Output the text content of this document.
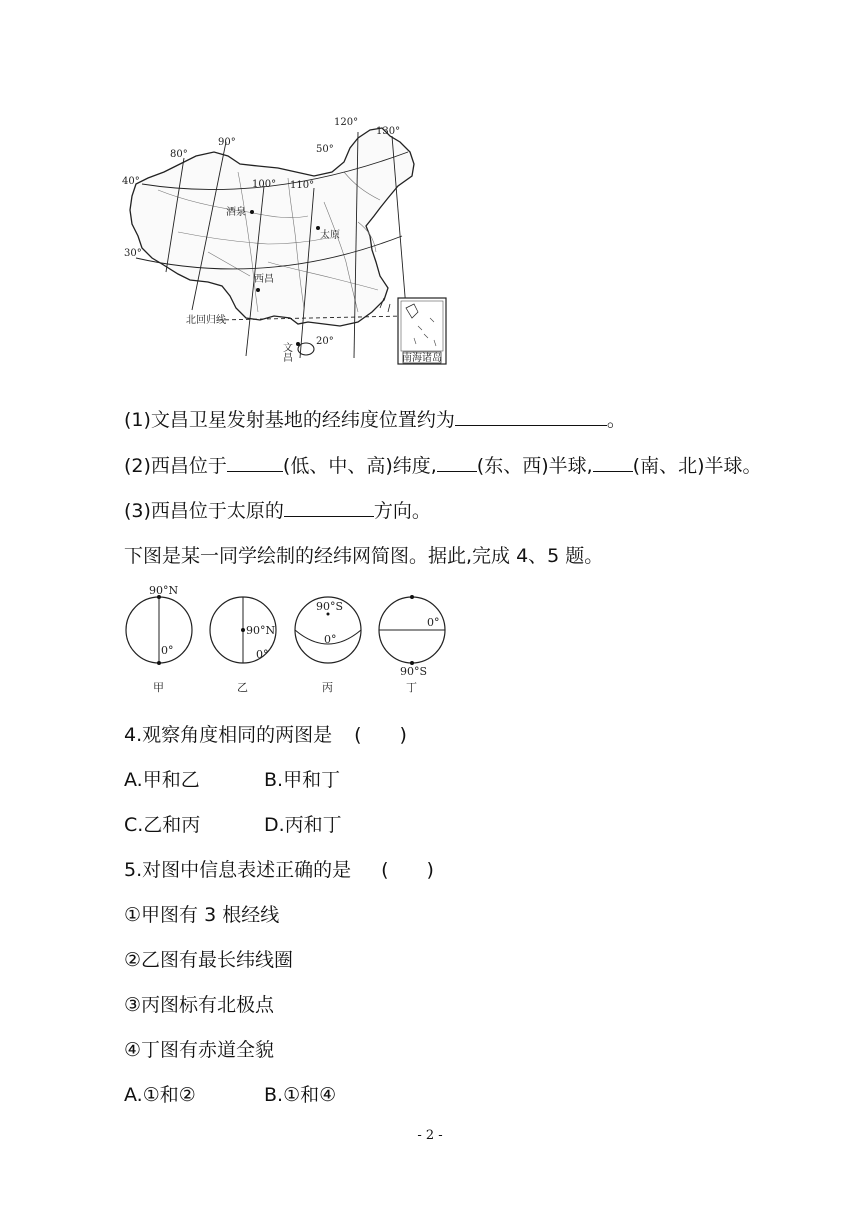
南海诸岛
80°
90°
100° 110°
120°
130°
40°
30°
50°
20°
酒泉
太原
西昌
文昌
北回归线
(1)文昌卫星发射基地的经纬度位置约为	。
(2)西昌位于	(低、中、高)纬度, (东、西)半球, (南、北)半球。
(3)西昌位于太原的	方向。
下图是某一同学绘制的经纬网简图。据此,完成 4、5 题。
90°N
0°
甲
90°N
0°
乙
90°S
0°
丙
0°
90°S
丁
4.观察角度相同的两图是 (　　)
A.甲和乙	B.甲和丁
C.乙和丙	D.丙和丁
5.对图中信息表述正确的是 (　　)
①甲图有 3 根经线
②乙图有最长纬线圈
③丙图标有北极点
④丁图有赤道全貌
A.①和②	B.①和④
- 2 -
